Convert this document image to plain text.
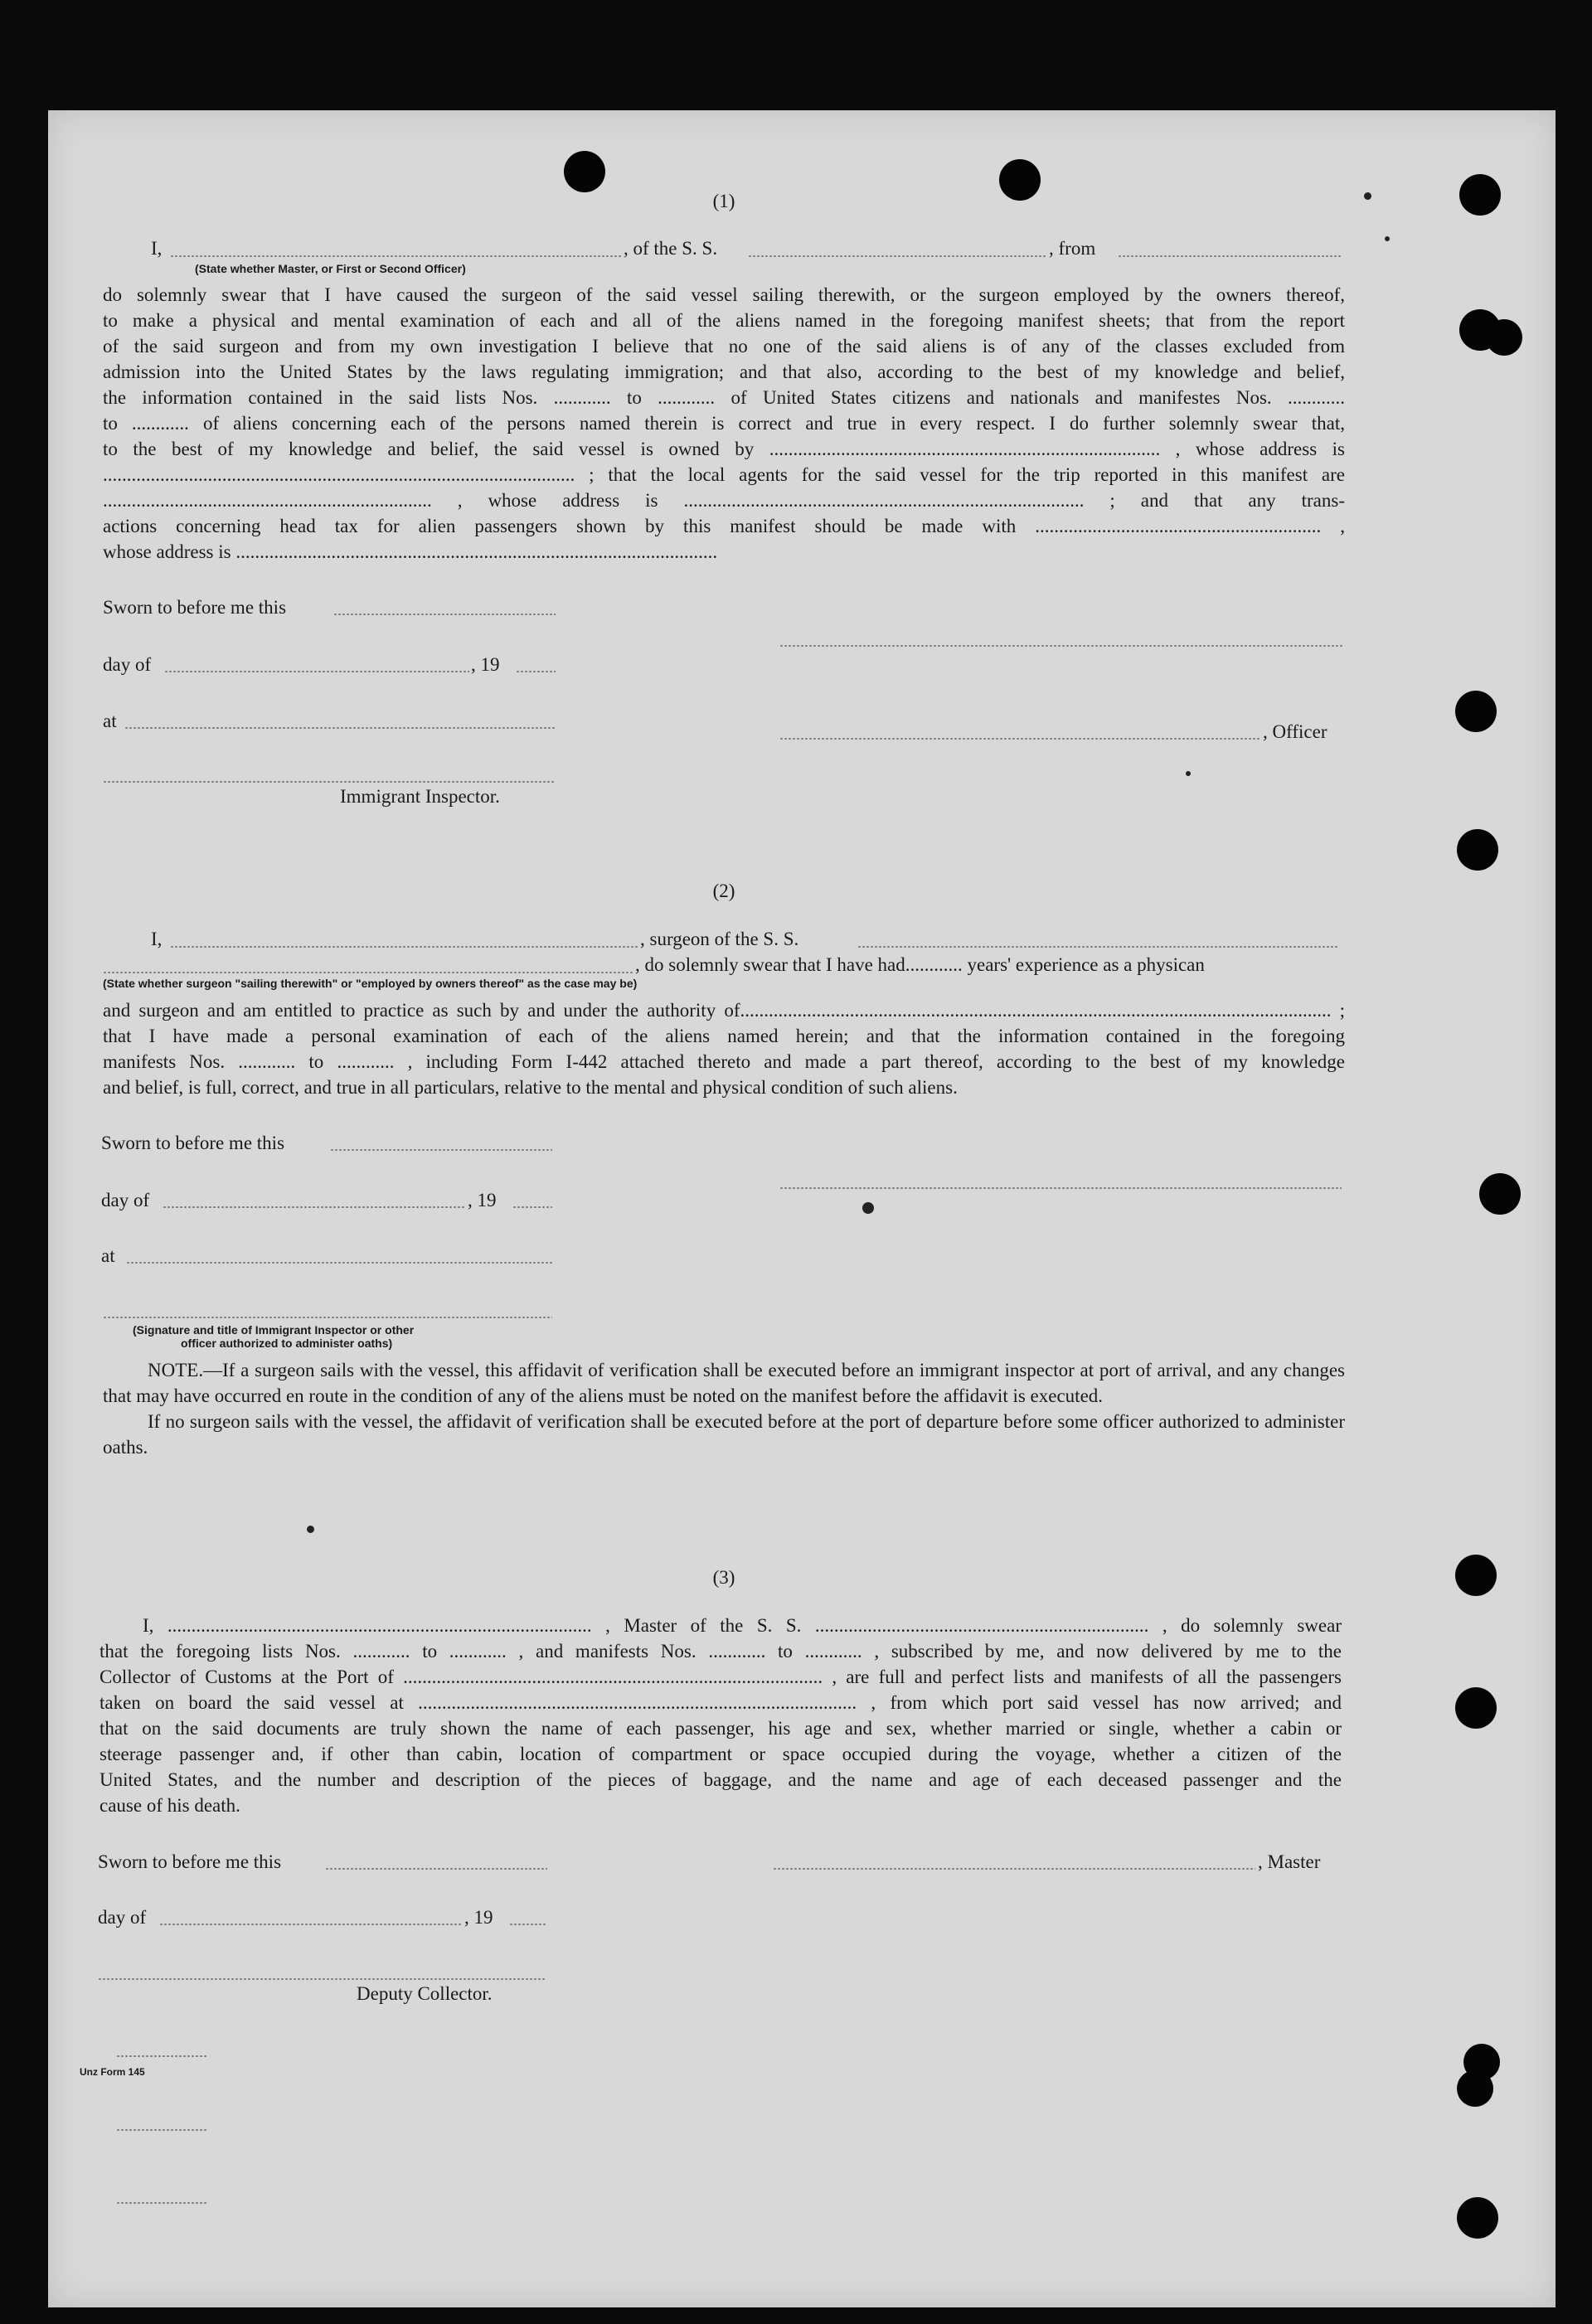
(1)
I,	, of the S. S.	, from
(State whether Master, or First or Second Officer)
do solemnly swear that I have caused the surgeon of the said vessel sailing therewith, or the surgeon employed by the owners thereof,
to make a physical and mental examination of each and all of the aliens named in the foregoing manifest sheets; that from the report
of the said surgeon and from my own investigation I believe that no one of the said aliens is of any of the classes excluded from
admission into the United States by the laws regulating immigration; and that also, according to the best of my knowledge and belief,
the information contained in the said lists Nos. ............ to ............ of United States citizens and nationals and manifestes Nos. ............
to ............ of aliens concerning each of the persons named therein is correct and true in every respect. I do further solemnly swear that,
to the best of my knowledge and belief, the said vessel is owned by .................................................................................. , whose address is
................................................................................................... ; that the local agents for the said vessel for the trip reported in this manifest are
..................................................................... , whose address is .................................................................................... ; and that any trans-
actions concerning head tax for alien passengers shown by this manifest should be made with ............................................................ ,
whose address is .....................................................................................................
Sworn to before me this
day of	, 19
at
, Officer
Immigrant Inspector.
(2)
I,	, surgeon of the S. S.
, do solemnly swear that I have had............ years' experience as a physican
(State whether surgeon "sailing therewith" or "employed by owners thereof" as the case may be)
and surgeon and am entitled to practice as such by and under the authority of............................................................................................................................ ;
that I have made a personal examination of each of the aliens named herein; and that the information contained in the foregoing
manifests Nos. ............ to ............ , including Form I-442 attached thereto and made a part thereof, according to the best of my knowledge
and belief, is full, correct, and true in all particulars, relative to the mental and physical condition of such aliens.
Sworn to before me this
day of	, 19
at
(Signature and title of Immigrant Inspector or other
officer authorized to administer oaths)

NOTE.—If a surgeon sails with the vessel, this affidavit of verification shall be executed before an immigrant inspector at port of arrival, and any changes that may have occurred en route in the condition of any of the aliens must be noted on the manifest before the affidavit is executed.

If no surgeon sails with the vessel, the affidavit of verification shall be executed before at the port of departure before some officer authorized to administer oaths.

(3)
I, ......................................................................................... , Master of the S. S. ...................................................................... , do solemnly swear
that the foregoing lists Nos. ............ to ............ , and manifests Nos. ............ to ............ , subscribed by me, and now delivered by me to the
Collector of Customs at the Port of ........................................................................................ , are full and perfect lists and manifests of all the passengers
taken on board the said vessel at ............................................................................................ , from which port said vessel has now arrived; and
that on the said documents are truly shown the name of each passenger, his age and sex, whether married or single, whether a cabin or
steerage passenger and, if other than cabin, location of compartment or space occupied during the voyage, whether a citizen of the
United States, and the number and description of the pieces of baggage, and the name and age of each deceased passenger and the
cause of his death.
Sworn to before me this	, Master
day of	, 19
Deputy Collector.
Unz Form 145
